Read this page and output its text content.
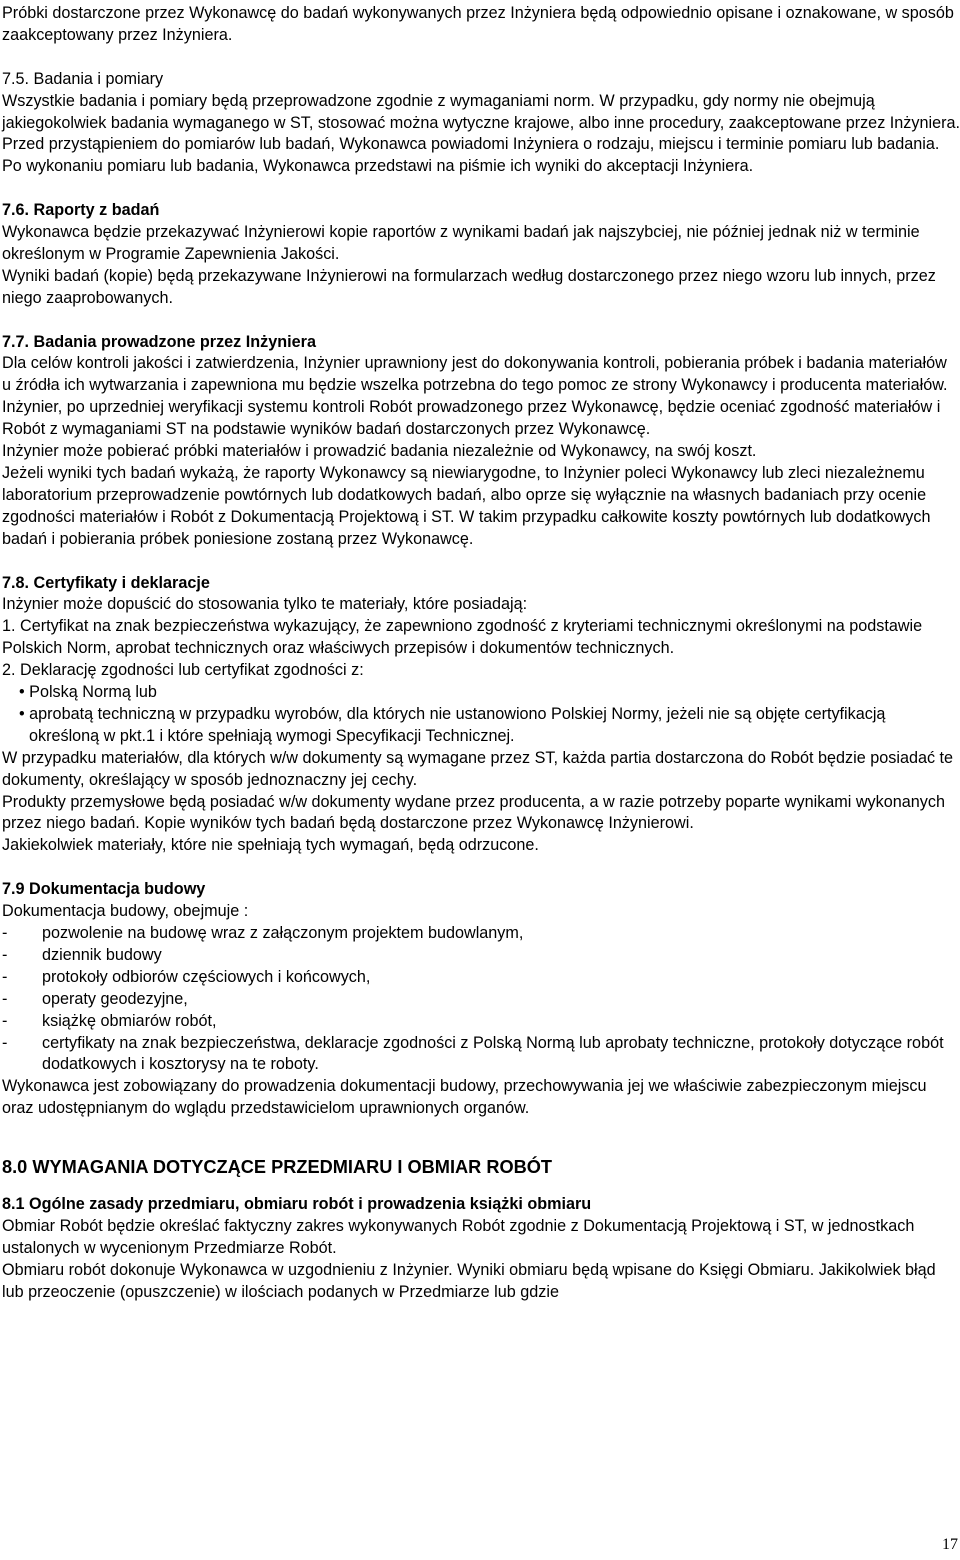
Próbki dostarczone przez Wykonawcę do badań wykonywanych przez Inżyniera będą odpowiednio opisane i oznakowane, w sposób zaakceptowany przez Inżyniera.

7.5. Badania i pomiary

Wszystkie badania i pomiary będą przeprowadzone zgodnie z wymaganiami norm. W przypadku, gdy normy nie obejmują jakiegokolwiek badania wymaganego w ST, stosować można wytyczne krajowe, albo inne procedury, zaakceptowane przez Inżyniera.

Przed przystąpieniem do pomiarów lub badań, Wykonawca powiadomi Inżyniera o rodzaju, miejscu i terminie pomiaru lub badania. Po wykonaniu pomiaru lub badania, Wykonawca przedstawi na piśmie ich wyniki do akceptacji Inżyniera.

7.6. Raporty z badań

Wykonawca będzie przekazywać Inżynierowi kopie raportów z wynikami badań jak najszybciej, nie później jednak niż w terminie określonym w Programie Zapewnienia Jakości.

Wyniki badań (kopie) będą przekazywane Inżynierowi na formularzach według dostarczonego przez niego wzoru lub innych, przez niego zaaprobowanych.

7.7. Badania prowadzone przez Inżyniera

Dla celów kontroli jakości i zatwierdzenia, Inżynier uprawniony jest do dokonywania kontroli, pobierania próbek i badania materiałów u źródła ich wytwarzania i zapewniona mu będzie wszelka potrzebna do tego pomoc ze strony Wykonawcy i producenta materiałów.

Inżynier, po uprzedniej weryfikacji systemu kontroli Robót prowadzonego przez Wykonawcę, będzie oceniać zgodność materiałów i Robót z wymaganiami ST na podstawie wyników badań dostarczonych przez Wykonawcę.

Inżynier może pobierać próbki materiałów i prowadzić badania niezależnie od Wykonawcy, na swój koszt.

Jeżeli wyniki tych badań wykażą, że raporty Wykonawcy są niewiarygodne, to Inżynier poleci Wykonawcy lub zleci niezależnemu laboratorium przeprowadzenie powtórnych lub dodatkowych badań, albo oprze się wyłącznie na własnych badaniach przy ocenie zgodności materiałów i Robót z Dokumentacją Projektową i ST. W takim przypadku całkowite koszty powtórnych lub dodatkowych badań i pobierania próbek poniesione zostaną przez Wykonawcę.

7.8. Certyfikaty i deklaracje

Inżynier może dopuścić do stosowania tylko te materiały, które posiadają:

1. Certyfikat na znak bezpieczeństwa wykazujący, że zapewniono zgodność z kryteriami technicznymi określonymi na podstawie Polskich Norm, aprobat technicznych oraz właściwych przepisów i dokumentów technicznych.

2. Deklarację zgodności lub certyfikat zgodności z:

• Polską Normą lub

• aprobatą techniczną w przypadku wyrobów, dla których nie ustanowiono Polskiej Normy, jeżeli nie są objęte certyfikacją określoną w pkt.1 i które spełniają wymogi Specyfikacji Technicznej.

W przypadku materiałów, dla których w/w dokumenty są wymagane przez ST, każda partia dostarczona do Robót będzie posiadać te dokumenty, określający w sposób jednoznaczny jej cechy.

Produkty przemysłowe będą posiadać w/w dokumenty wydane przez producenta, a w razie potrzeby poparte wynikami wykonanych przez niego badań. Kopie wyników tych badań będą dostarczone przez Wykonawcę Inżynierowi.

Jakiekolwiek materiały, które nie spełniają tych wymagań, będą odrzucone.

7.9 Dokumentacja budowy

Dokumentacja budowy, obejmuje :

-	pozwolenie na budowę wraz z załączonym projektem budowlanym,
-	dziennik budowy
-	protokoły odbiorów częściowych i końcowych,
-	operaty geodezyjne,
-	książkę obmiarów robót,
-	certyfikaty na znak bezpieczeństwa, deklaracje zgodności z Polską Normą lub aprobaty techniczne, protokoły dotyczące robót dodatkowych i kosztorysy na te roboty.

Wykonawca jest zobowiązany do prowadzenia dokumentacji budowy, przechowywania jej we właściwie zabezpieczonym miejscu oraz udostępnianym do wglądu przedstawicielom uprawnionych organów.

8.0 WYMAGANIA DOTYCZĄCE PRZEDMIARU I OBMIAR ROBÓT
8.1 Ogólne zasady przedmiaru, obmiaru robót i prowadzenia książki obmiaru

Obmiar Robót będzie określać faktyczny zakres wykonywanych Robót zgodnie z Dokumentacją Projektową i ST, w jednostkach ustalonych w wycenionym Przedmiarze Robót.

Obmiaru robót dokonuje Wykonawca w uzgodnieniu z Inżynier. Wyniki obmiaru będą wpisane do Księgi Obmiaru. Jakikolwiek błąd lub przeoczenie (opuszczenie) w ilościach podanych w Przedmiarze lub gdzie

17
